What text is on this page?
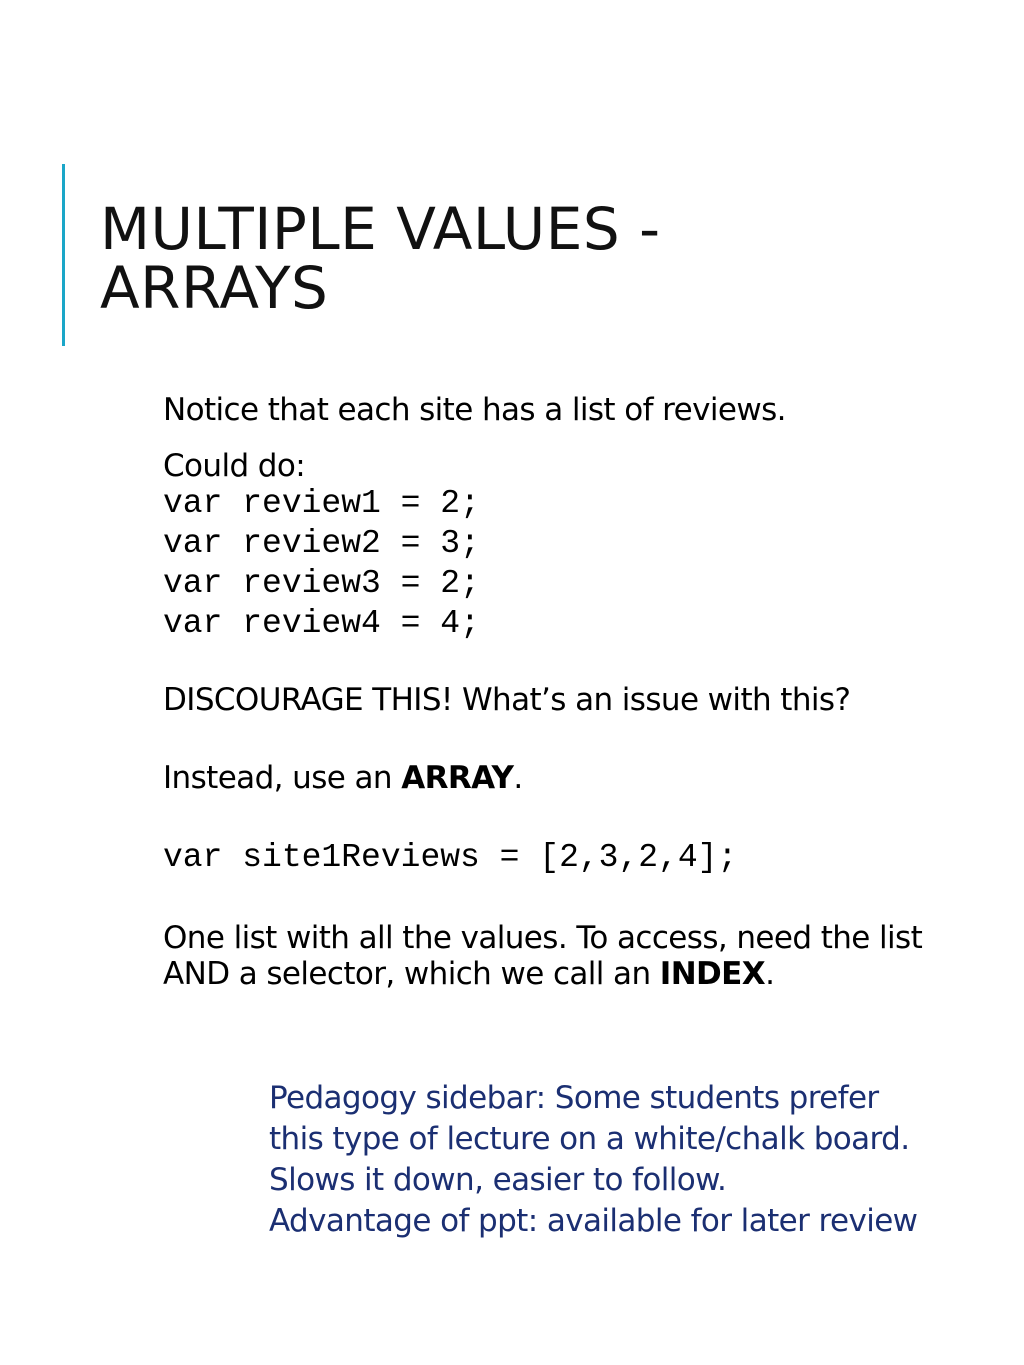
MULTIPLE VALUES -
ARRAYS

Notice that each site has a list of reviews.

Could do:

var review1 = 2;

var review2 = 3;

var review3 = 2;

var review4 = 4;

DISCOURAGE THIS! What’s an issue with this?

Instead, use an ARRAY.

var site1Reviews = [2,3,2,4];

One list with all the values. To access, need the list

AND a selector, which we call an INDEX.

Pedagogy sidebar: Some students prefer
this type of lecture on a white/chalk board.
Slows it down, easier to follow.
Advantage of ppt: available for later review
